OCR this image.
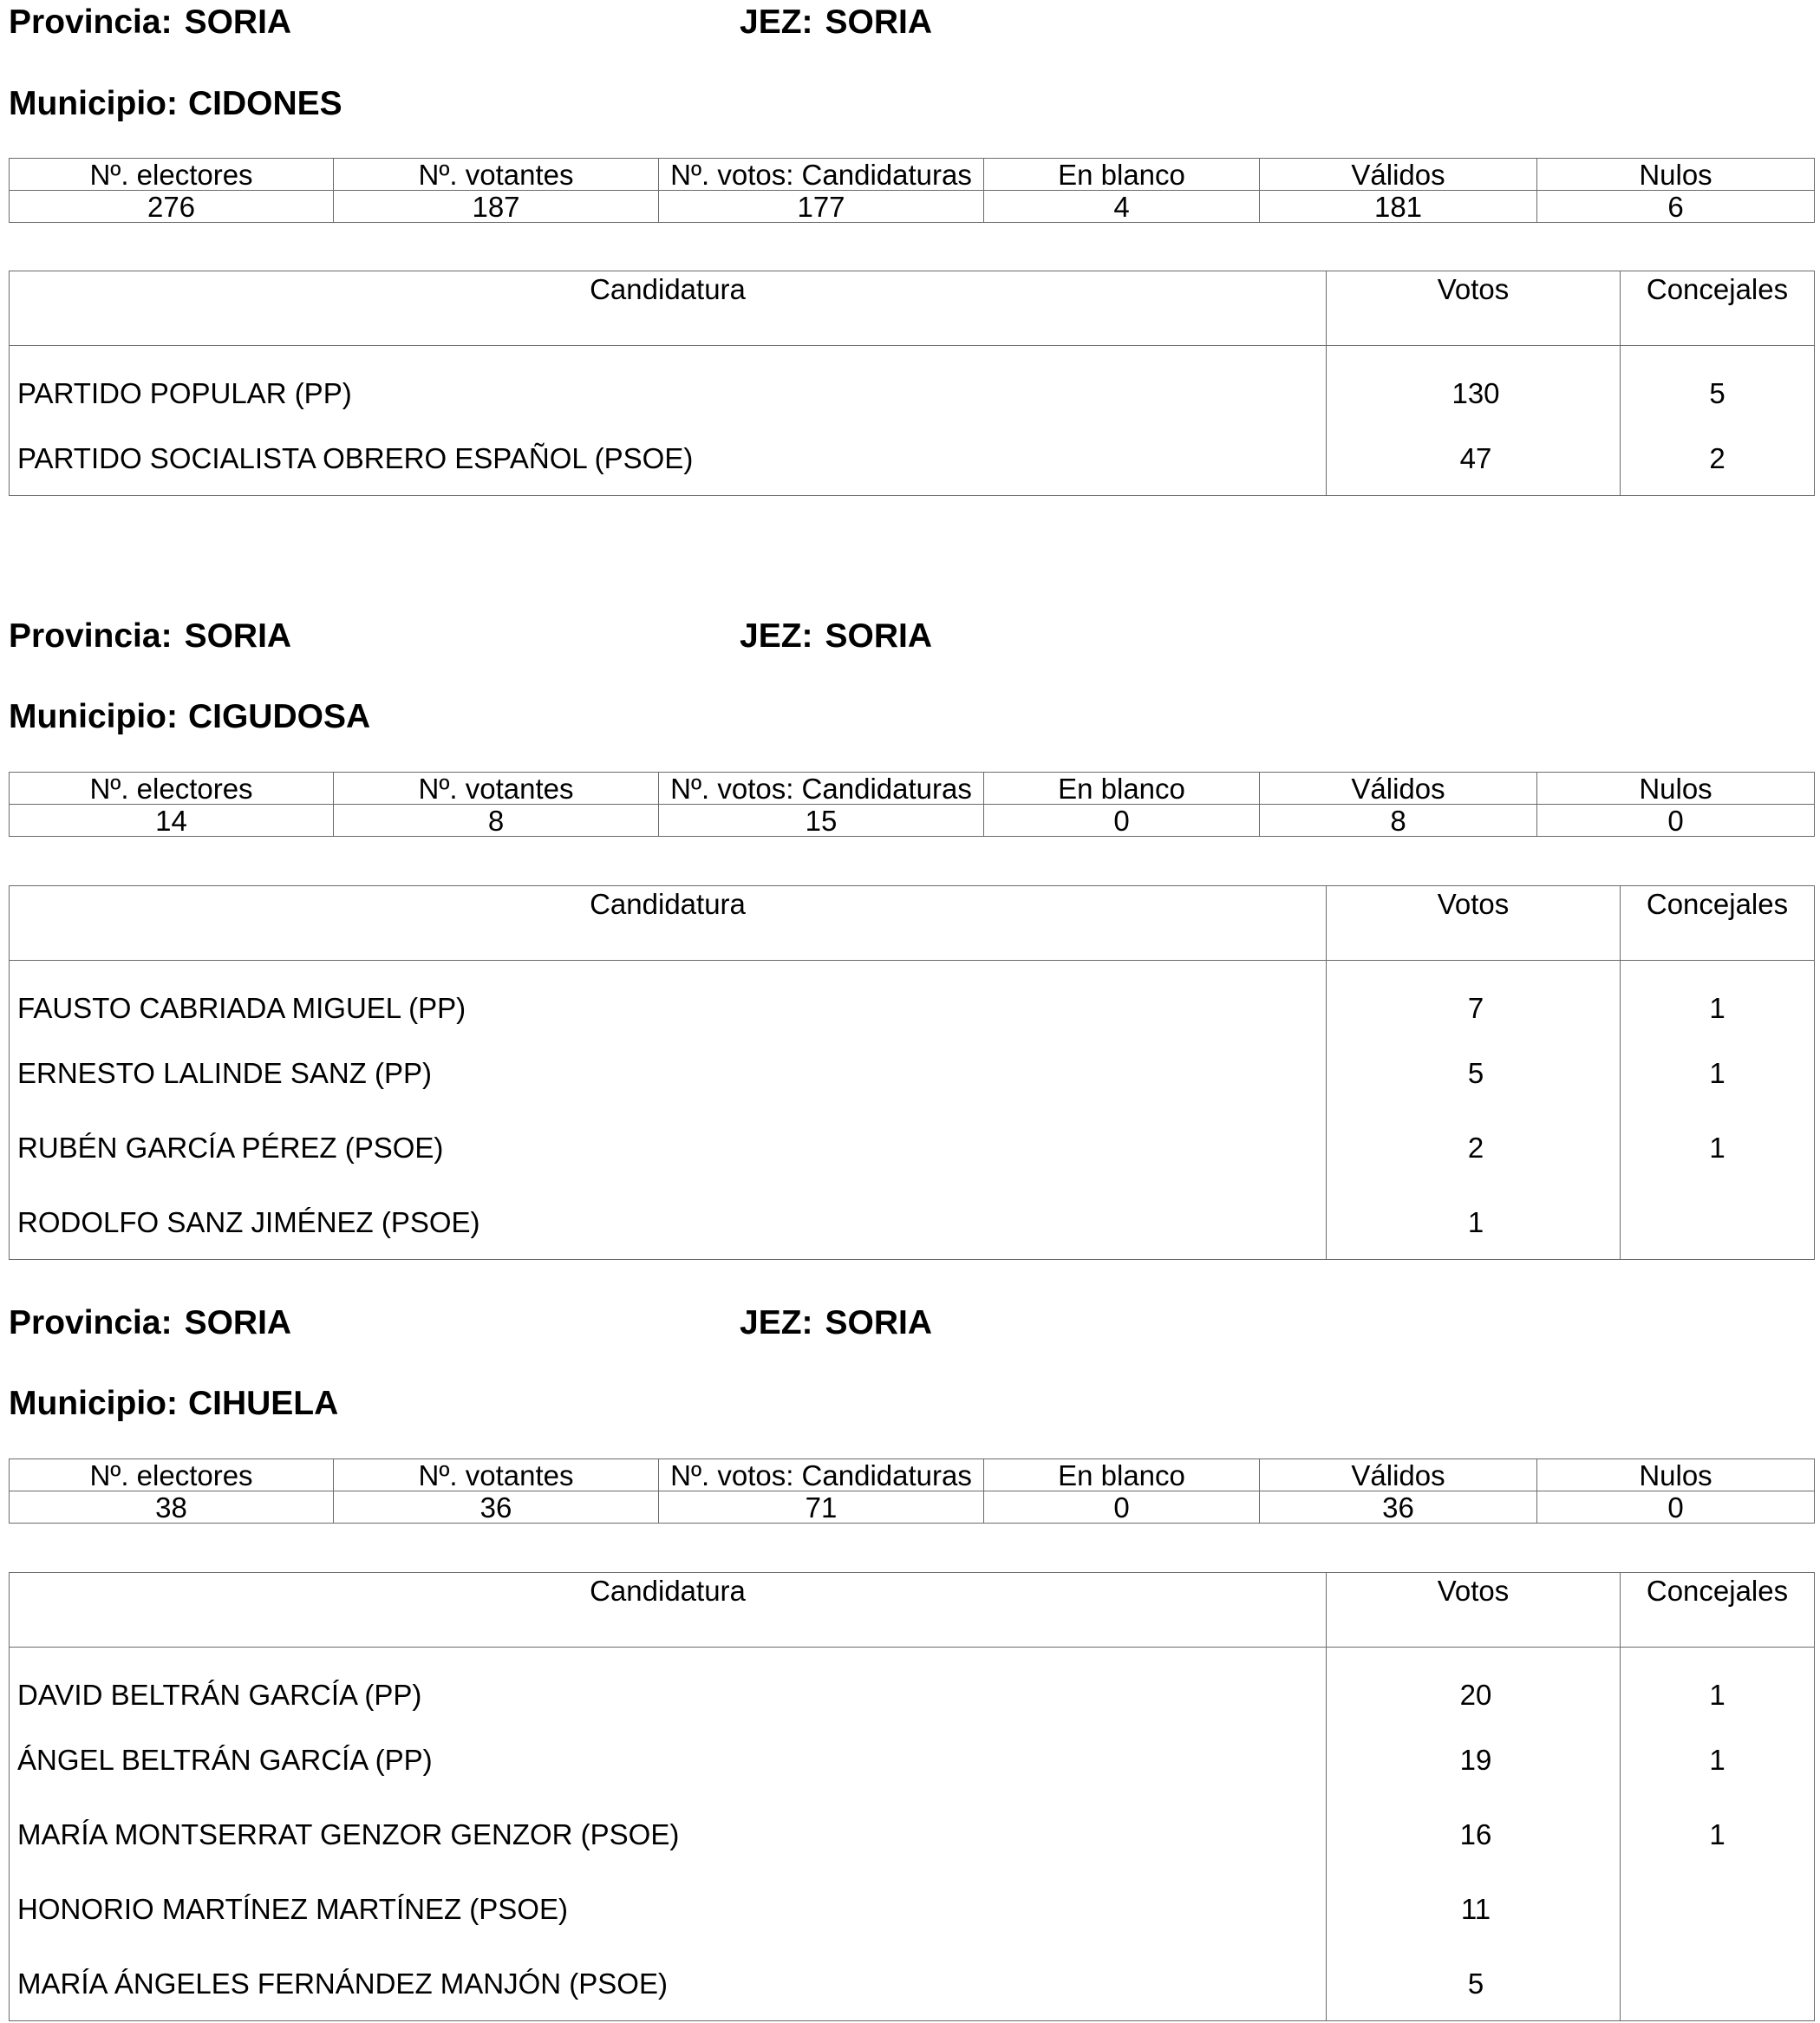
Provincia: SORIA	JEZ: SORIA
Municipio: CIDONES
Nº. electores	Nº. votantes	Nº. votos: Candidaturas	En blanco	Válidos	Nulos
276	187	177	4	181	6
Candidatura	Votos	Concejales
PARTIDO POPULAR (PP)	130	5
PARTIDO SOCIALISTA OBRERO ESPAÑOL (PSOE)	47	2
Provincia: SORIA	JEZ: SORIA
Municipio: CIGUDOSA
Nº. electores	Nº. votantes	Nº. votos: Candidaturas	En blanco	Válidos	Nulos
14	8	15	0	8	0
Candidatura	Votos	Concejales
FAUSTO CABRIADA MIGUEL (PP)	7	1
ERNESTO LALINDE SANZ (PP)	5	1
RUBÉN GARCÍA PÉREZ (PSOE)	2	1
RODOLFO SANZ JIMÉNEZ (PSOE)	1	
Provincia: SORIA	JEZ: SORIA
Municipio: CIHUELA
Nº. electores	Nº. votantes	Nº. votos: Candidaturas	En blanco	Válidos	Nulos
38	36	71	0	36	0
Candidatura	Votos	Concejales
DAVID BELTRÁN GARCÍA (PP)	20	1
ÁNGEL BELTRÁN GARCÍA (PP)	19	1
MARÍA MONTSERRAT GENZOR GENZOR (PSOE)	16	1
HONORIO MARTÍNEZ MARTÍNEZ (PSOE)	11	
MARÍA ÁNGELES FERNÁNDEZ MANJÓN (PSOE)	5	
